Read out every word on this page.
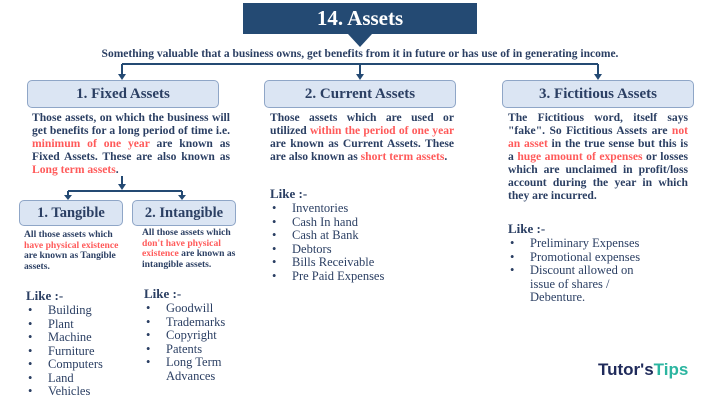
14. Assets
Something valuable that a business owns, get benefits from it in future or has use of in generating income.
1. Fixed Assets	2. Current Assets	3. Fictitious Assets
Those assets, on which the business will get benefits for a long period of time i.e. minimum of one year are known as Fixed Assets. These are also known as Long term assets.
Those assets which are used or utilized within the period of one year are known as Current Assets. These are also known as short term assets.
The Fictitious word, itself says "fake". So Fictitious Assets are not an asset in the true sense but this is a huge amount of expenses or losses which are unclaimed in profit/loss account during the year in which they are incurred.
1. Tangible	2. Intangible
All those assets which have physical existence are known as Tangible assets.
All those assets which don't have physical existence are known as intangible assets.
Like :-
• Building
• Plant
• Machine
• Furniture
• Computers
• Land
• Vehicles
Like :-
• Goodwill
• Trademarks
• Copyright
• Patents
• Long Term Advances
Like :-
• Inventories
• Cash In hand
• Cash at Bank
• Debtors
• Bills Receivable
• Pre Paid Expenses
Like :-
• Preliminary Expenses
• Promotional expenses
• Discount allowed on issue of shares / Debenture.
Tutor'sTips
